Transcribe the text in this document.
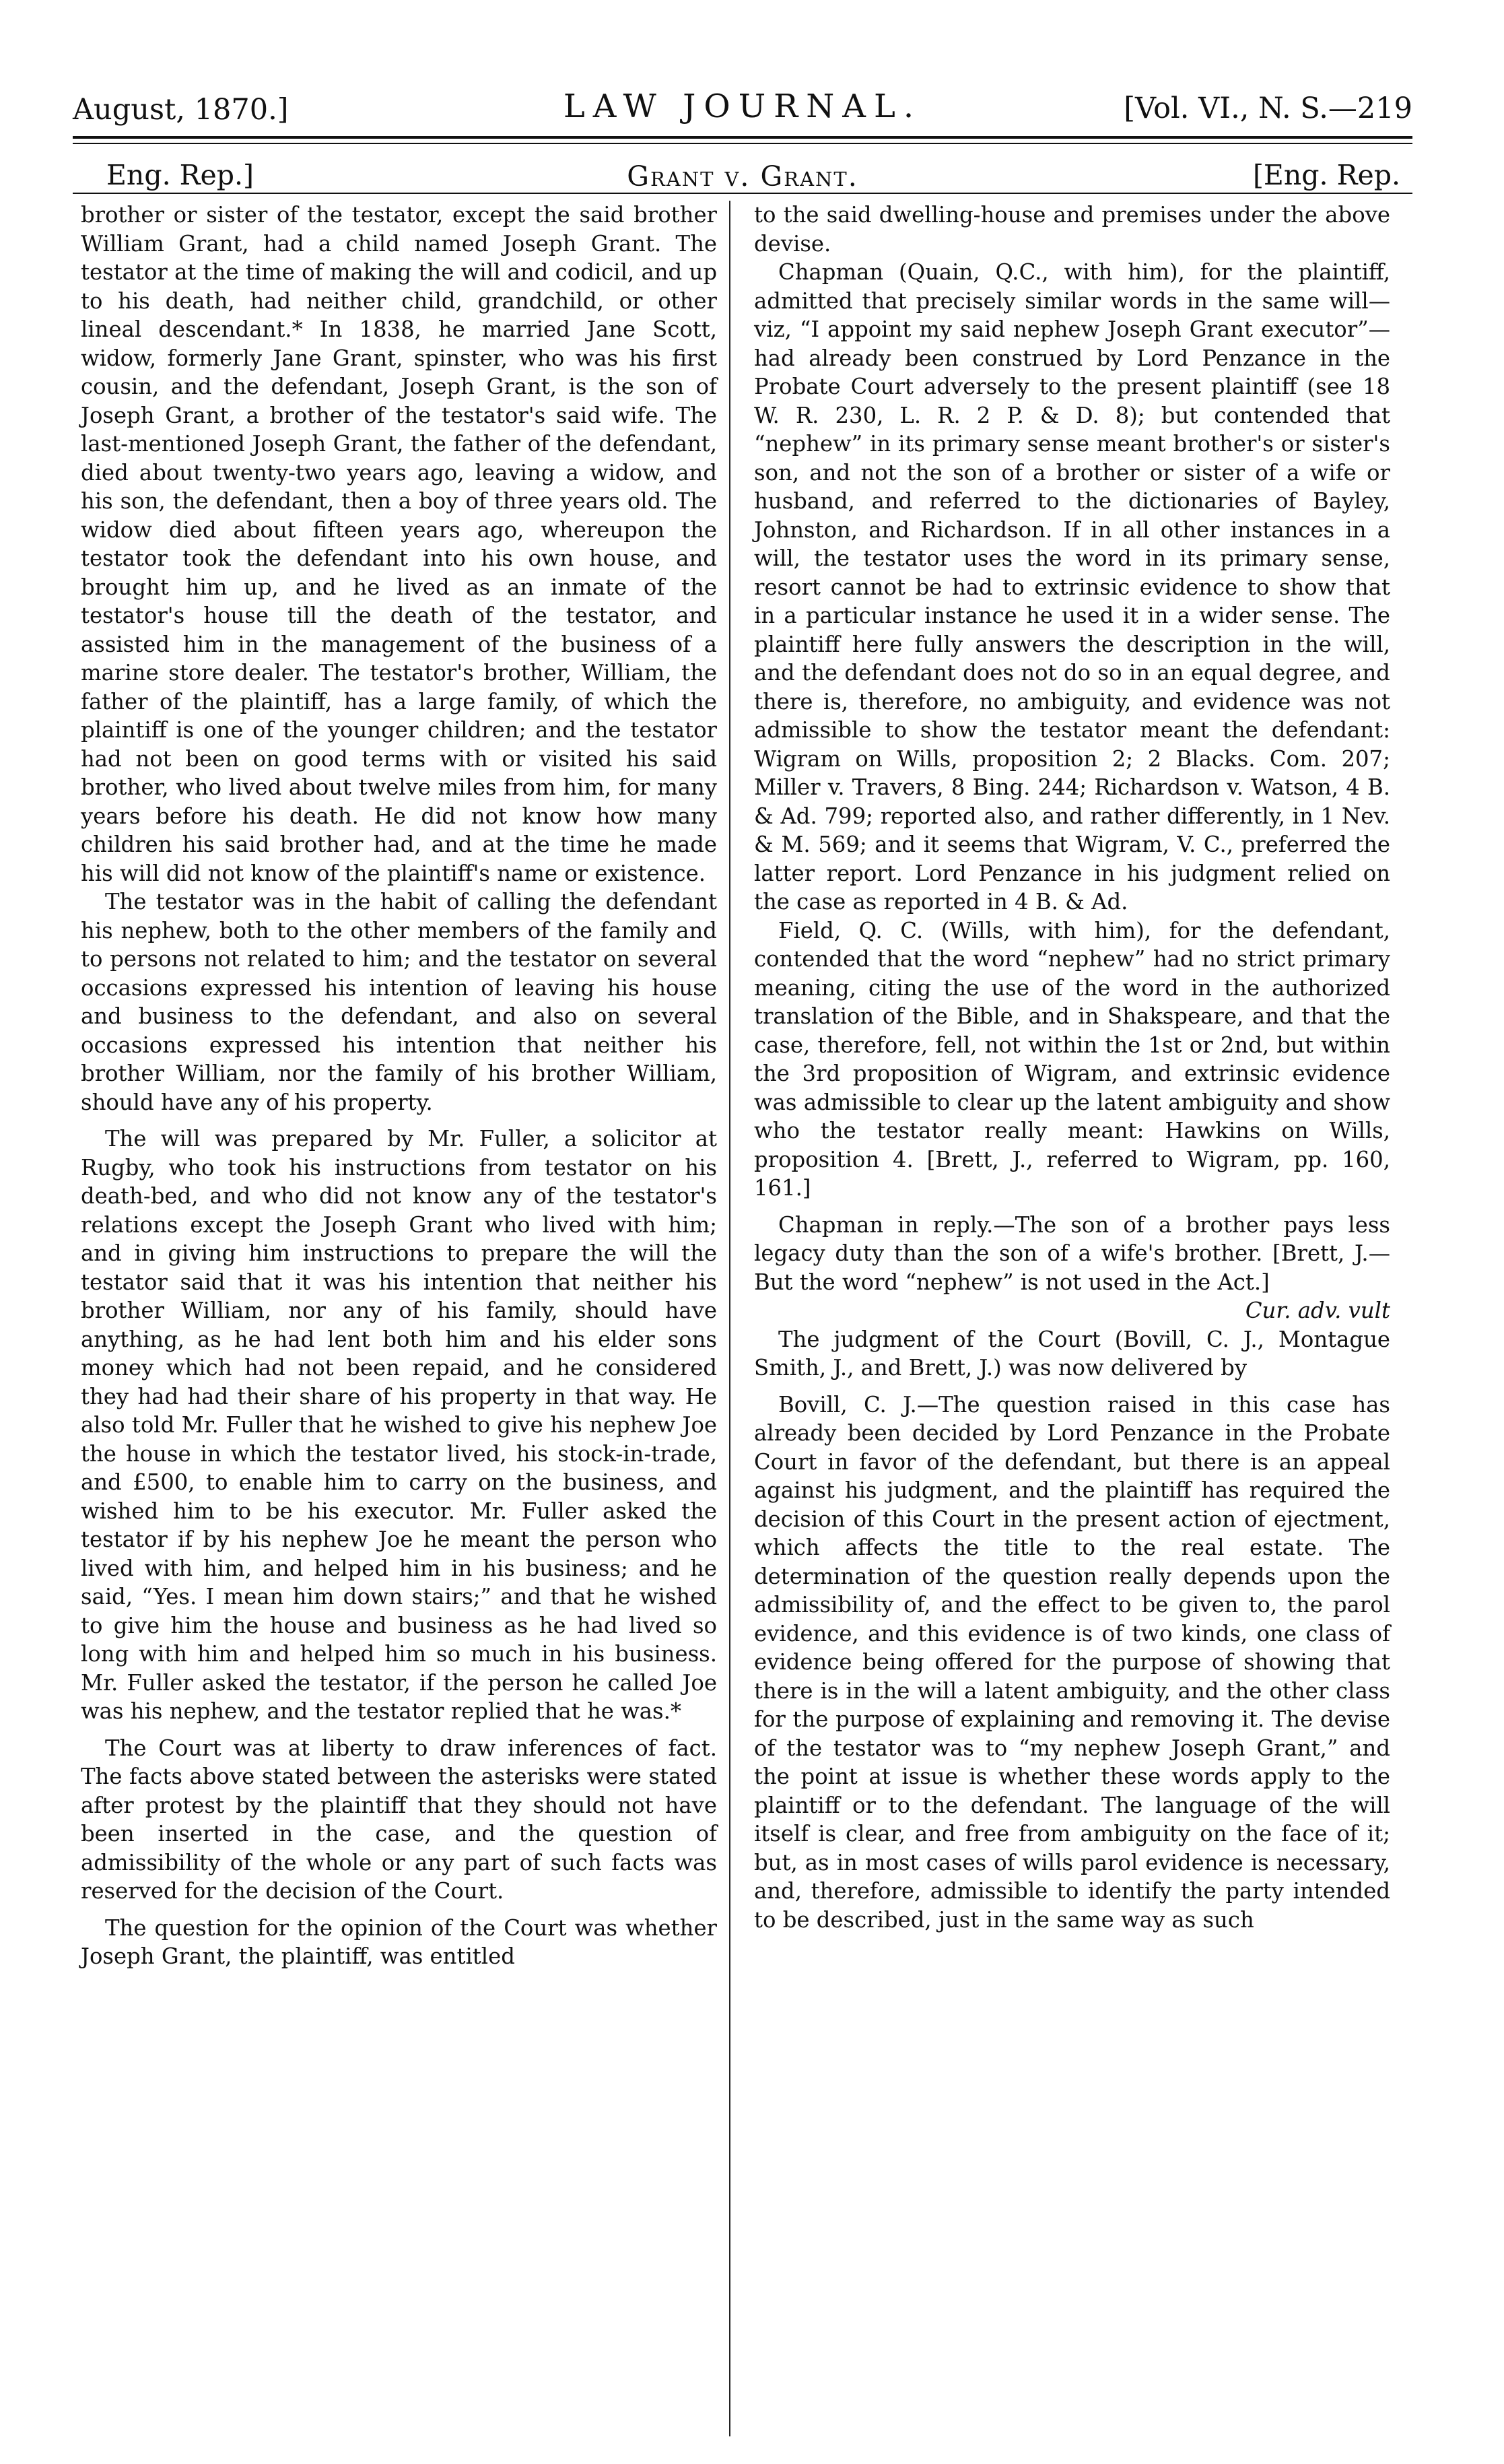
August, 1870.]	LAW JOURNAL.	[Vol. VI., N. S.—219
Eng. Rep.]	Grant v. Grant.	[Eng. Rep.

brother or sister of the testator, except the said brother William Grant, had a child named Joseph Grant. The testator at the time of making the will and codicil, and up to his death, had neither child, grandchild, or other lineal descendant.* In 1838, he married Jane Scott, widow, formerly Jane Grant, spinster, who was his first cousin, and the defendant, Joseph Grant, is the son of Joseph Grant, a brother of the testator's said wife. The last-mentioned Joseph Grant, the father of the defendant, died about twenty-two years ago, leaving a widow, and his son, the defendant, then a boy of three years old. The widow died about fifteen years ago, whereupon the testator took the defendant into his own house, and brought him up, and he lived as an inmate of the testator's house till the death of the testator, and assisted him in the management of the business of a marine store dealer. The testator's brother, William, the father of the plaintiff, has a large family, of which the plaintiff is one of the younger children; and the testator had not been on good terms with or visited his said brother, who lived about twelve miles from him, for many years before his death. He did not know how many children his said brother had, and at the time he made his will did not know of the plaintiff's name or existence.

The testator was in the habit of calling the defendant his nephew, both to the other members of the family and to persons not related to him; and the testator on several occasions expressed his intention of leaving his house and business to the defendant, and also on several occasions expressed his intention that neither his brother William, nor the family of his brother William, should have any of his property.

The will was prepared by Mr. Fuller, a solicitor at Rugby, who took his instructions from testator on his death-bed, and who did not know any of the testator's relations except the Joseph Grant who lived with him; and in giving him instructions to prepare the will the testator said that it was his intention that neither his brother William, nor any of his family, should have anything, as he had lent both him and his elder sons money which had not been repaid, and he considered they had had their share of his property in that way. He also told Mr. Fuller that he wished to give his nephew Joe the house in which the testator lived, his stock-in-trade, and £500, to enable him to carry on the business, and wished him to be his executor. Mr. Fuller asked the testator if by his nephew Joe he meant the person who lived with him, and helped him in his business; and he said, “Yes. I mean him down stairs;” and that he wished to give him the house and business as he had lived so long with him and helped him so much in his business. Mr. Fuller asked the testator, if the person he called Joe was his nephew, and the testator replied that he was.*

The Court was at liberty to draw inferences of fact. The facts above stated between the asterisks were stated after protest by the plaintiff that they should not have been inserted in the case, and the question of admissibility of the whole or any part of such facts was reserved for the decision of the Court.

The question for the opinion of the Court was whether Joseph Grant, the plaintiff, was entitled

to the said dwelling-house and premises under the above devise.

Chapman (Quain, Q.C., with him), for the plaintiff, admitted that precisely similar words in the same will—viz, “I appoint my said nephew Joseph Grant executor”—had already been construed by Lord Penzance in the Probate Court adversely to the present plaintiff (see 18 W. R. 230, L. R. 2 P. & D. 8); but contended that “nephew” in its primary sense meant brother's or sister's son, and not the son of a brother or sister of a wife or husband, and referred to the dictionaries of Bayley, Johnston, and Richardson. If in all other instances in a will, the testator uses the word in its primary sense, resort cannot be had to extrinsic evidence to show that in a particular instance he used it in a wider sense. The plaintiff here fully answers the description in the will, and the defendant does not do so in an equal degree, and there is, therefore, no ambiguity, and evidence was not admissible to show the testator meant the defendant: Wigram on Wills, proposition 2; 2 Blacks. Com. 207; Miller v. Travers, 8 Bing. 244; Richardson v. Watson, 4 B. & Ad. 799; reported also, and rather differently, in 1 Nev. & M. 569; and it seems that Wigram, V. C., preferred the latter report. Lord Penzance in his judgment relied on the case as reported in 4 B. & Ad.

Field, Q. C. (Wills, with him), for the defendant, contended that the word “nephew” had no strict primary meaning, citing the use of the word in the authorized translation of the Bible, and in Shakspeare, and that the case, therefore, fell, not within the 1st or 2nd, but within the 3rd proposition of Wigram, and extrinsic evidence was admissible to clear up the latent ambiguity and show who the testator really meant: Hawkins on Wills, proposition 4. [Brett, J., referred to Wigram, pp. 160, 161.]

Chapman in reply.—The son of a brother pays less legacy duty than the son of a wife's brother. [Brett, J.—But the word “nephew” is not used in the Act.]

Cur. adv. vult

The judgment of the Court (Bovill, C. J., Montague Smith, J., and Brett, J.) was now delivered by

Bovill, C. J.—The question raised in this case has already been decided by Lord Penzance in the Probate Court in favor of the defendant, but there is an appeal against his judgment, and the plaintiff has required the decision of this Court in the present action of ejectment, which affects the title to the real estate. The determination of the question really depends upon the admissibility of, and the effect to be given to, the parol evidence, and this evidence is of two kinds, one class of evidence being offered for the purpose of showing that there is in the will a latent ambiguity, and the other class for the purpose of explaining and removing it. The devise of the testator was to “my nephew Joseph Grant,” and the point at issue is whether these words apply to the plaintiff or to the defendant. The language of the will itself is clear, and free from ambiguity on the face of it; but, as in most cases of wills parol evidence is necessary, and, therefore, admissible to identify the party intended to be described, just in the same way as such
